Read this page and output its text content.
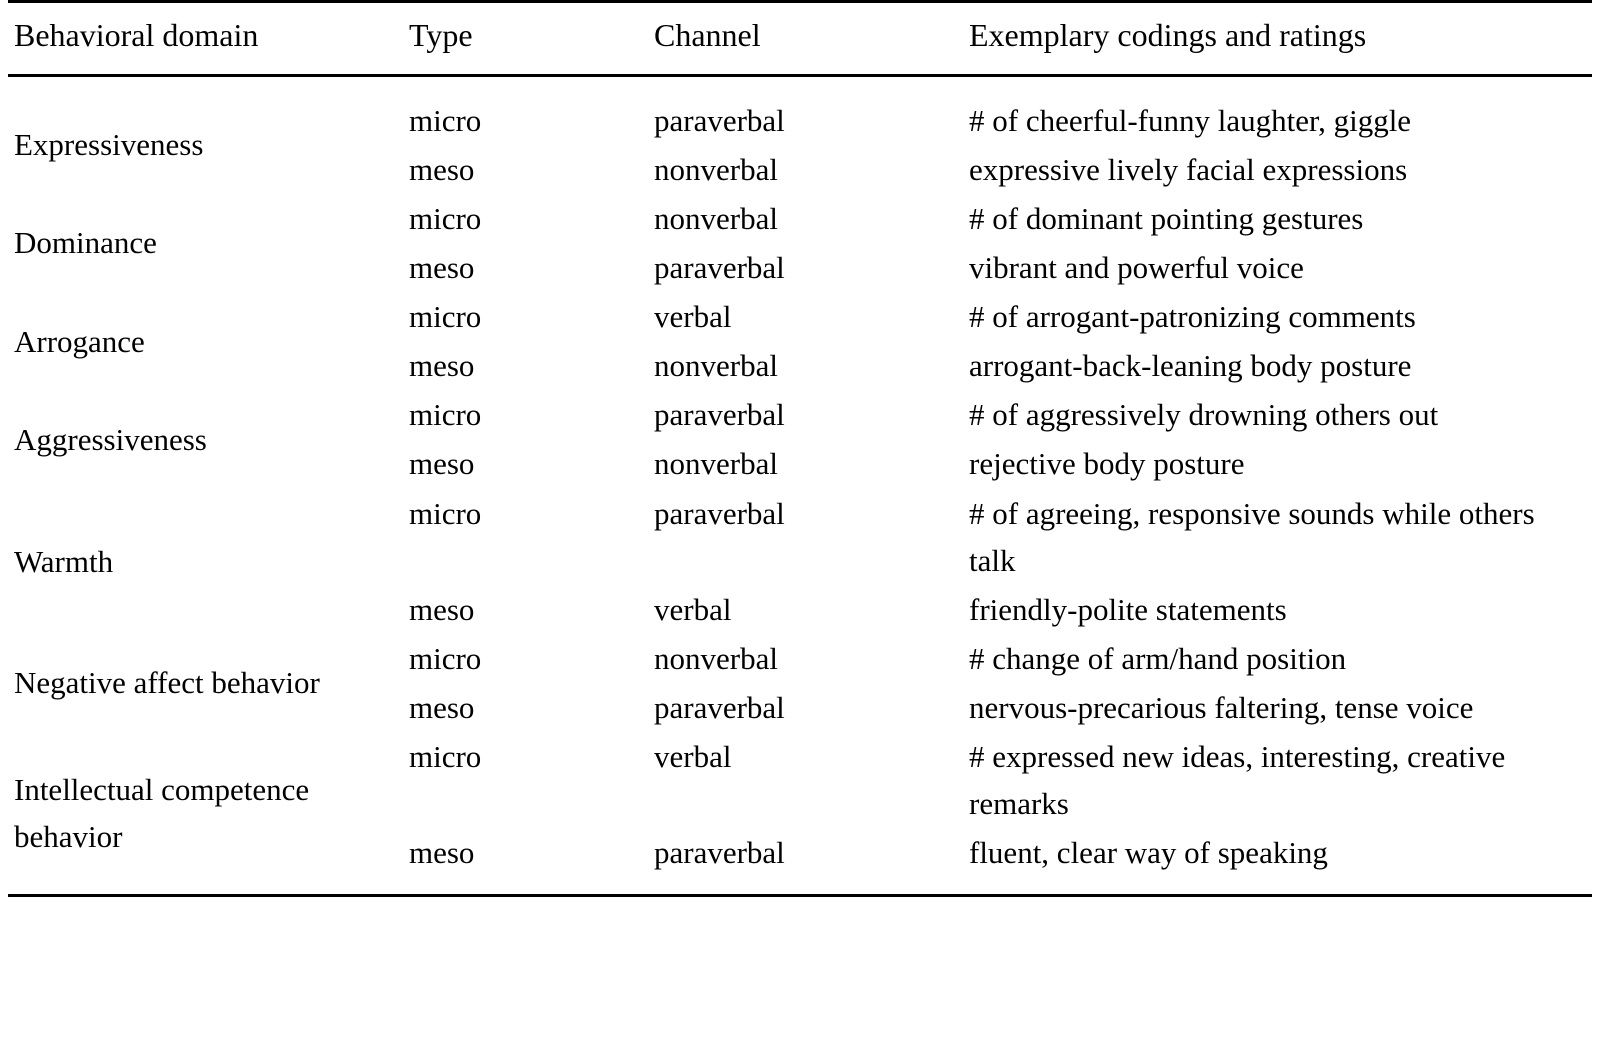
Behavioral domain	Type	Channel	Exemplary codings and ratings
Expressiveness	micro	paraverbal	# of cheerful-funny laughter, giggle
	meso	nonverbal	expressive lively facial expressions
Dominance	micro	nonverbal	# of dominant pointing gestures
	meso	paraverbal	vibrant and powerful voice
Arrogance	micro	verbal	# of arrogant-patronizing comments
	meso	nonverbal	arrogant-back-leaning body posture
Aggressiveness	micro	paraverbal	# of aggressively drowning others out
	meso	nonverbal	rejective body posture
Warmth	micro	paraverbal	# of agreeing, responsive sounds while others talk
	meso	verbal	friendly-polite statements
Negative affect behavior	micro	nonverbal	# change of arm/hand position
	meso	paraverbal	nervous-precarious faltering, tense voice
Intellectual competence behavior	micro	verbal	# expressed new ideas, interesting, creative remarks
	meso	paraverbal	fluent, clear way of speaking
